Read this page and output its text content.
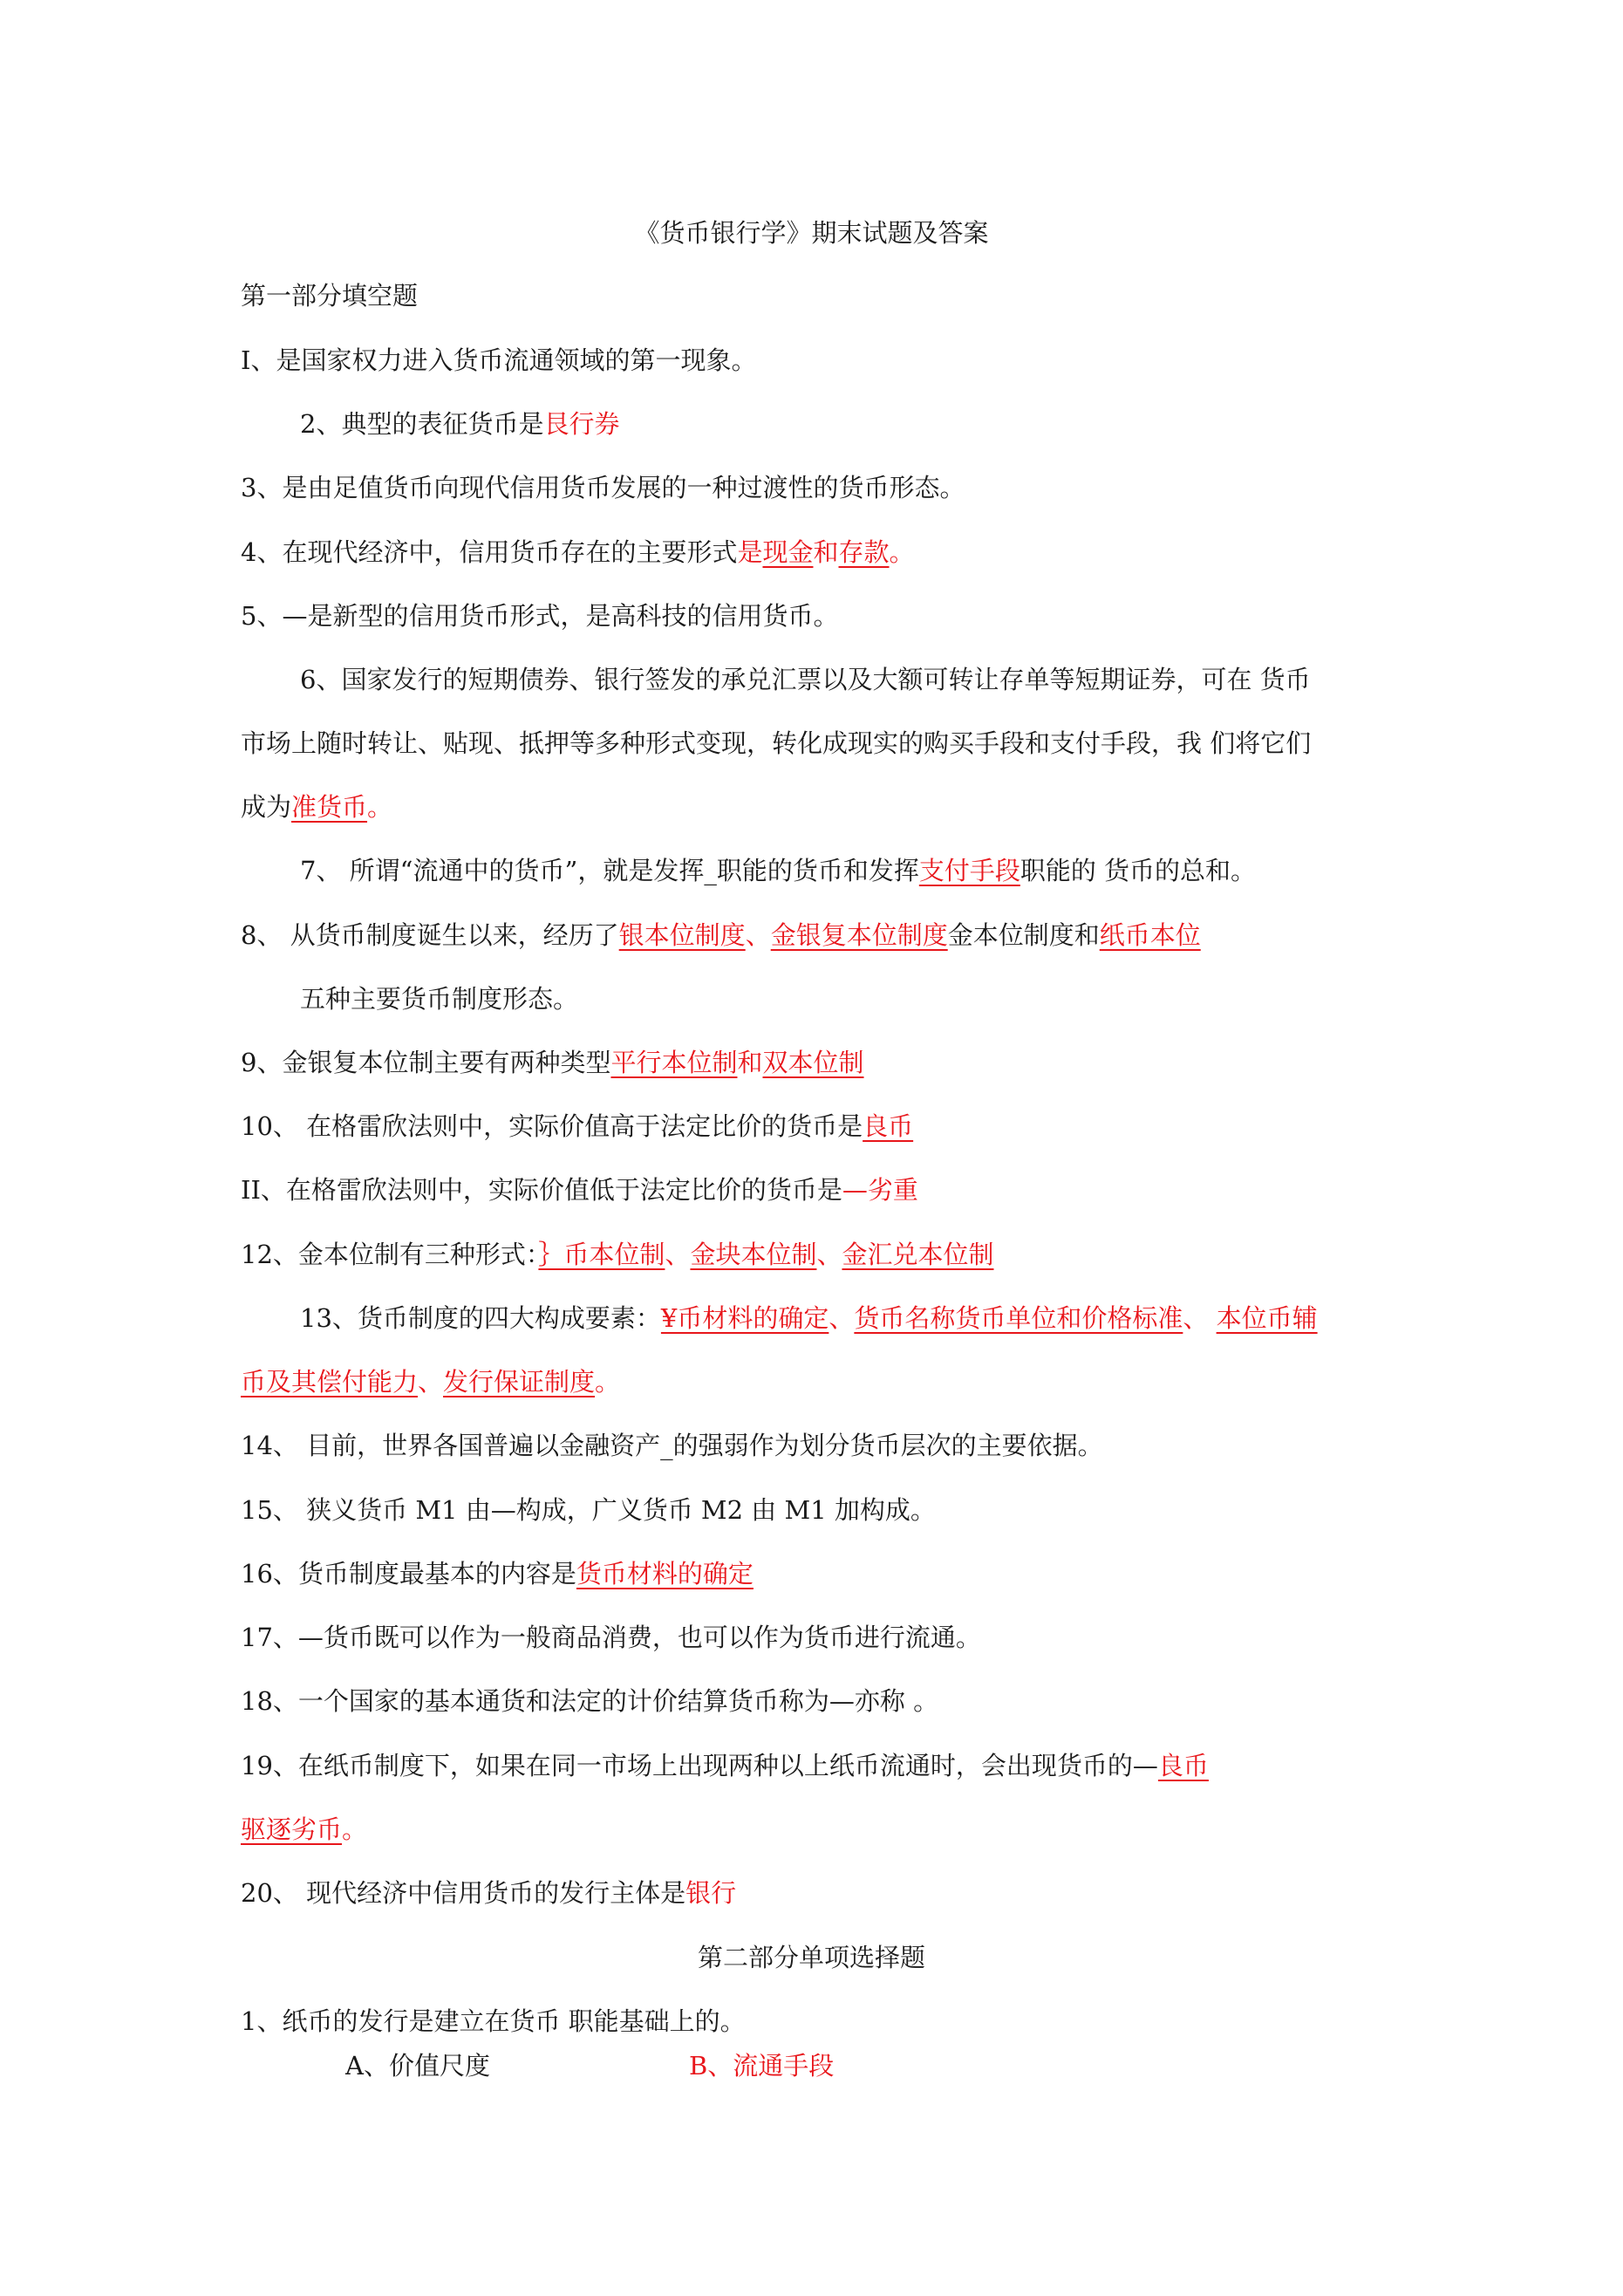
《货币银行学》期末试题及答案
第一部分填空题
I、是国家权力进入货币流通领域的第一现象。
2、典型的表征货币是艮行券
3、是由足值货币向现代信用货币发展的一种过渡性的货币形态。
4、在现代经济中，信用货币存在的主要形式是现金和存款。
5、—是新型的信用货币形式，是高科技的信用货币。
6、国家发行的短期债券、银行签发的承兑汇票以及大额可转让存单等短期证券，可在 货币
市场上随时转让、贴现、抵押等多种形式变现，转化成现实的购买手段和支付手段，我 们将它们
成为准货币。
7、 所谓“流通中的货币”，就是发挥_职能的货币和发挥支付手段职能的 货币的总和。
8、 从货币制度诞生以来，经历了银本位制度、金银复本位制度金本位制度和纸币本位
五种主要货币制度形态。
9、金银复本位制主要有两种类型平行本位制和双本位制
10、 在格雷欣法则中，实际价值高于法定比价的货币是良币
II、在格雷欣法则中，实际价值低于法定比价的货币是—劣重
12、金本位制有三种形式：｝币本位制、金块本位制、金汇兑本位制
13、货币制度的四大构成要素：¥币材料的确定、货币名称货币单位和价格标准、 本位币辅
币及其偿付能力、发行保证制度。
14、 目前，世界各国普遍以金融资产_的强弱作为划分货币层次的主要依据。
15、 狭义货币 M1 由—构成，广义货币 M2 由 M1 加构成。
16、货币制度最基本的内容是货币材料的确定
17、—货币既可以作为一般商品消费，也可以作为货币进行流通。
18、一个国家的基本通货和法定的计价结算货币称为—亦称 。
19、在纸币制度下，如果在同一市场上出现两种以上纸币流通时，会出现货币的—良币
驱逐劣币。
20、 现代经济中信用货币的发行主体是银行
第二部分单项选择题
1、纸币的发行是建立在货币 职能基础上的。
A、价值尺度	B、流通手段
